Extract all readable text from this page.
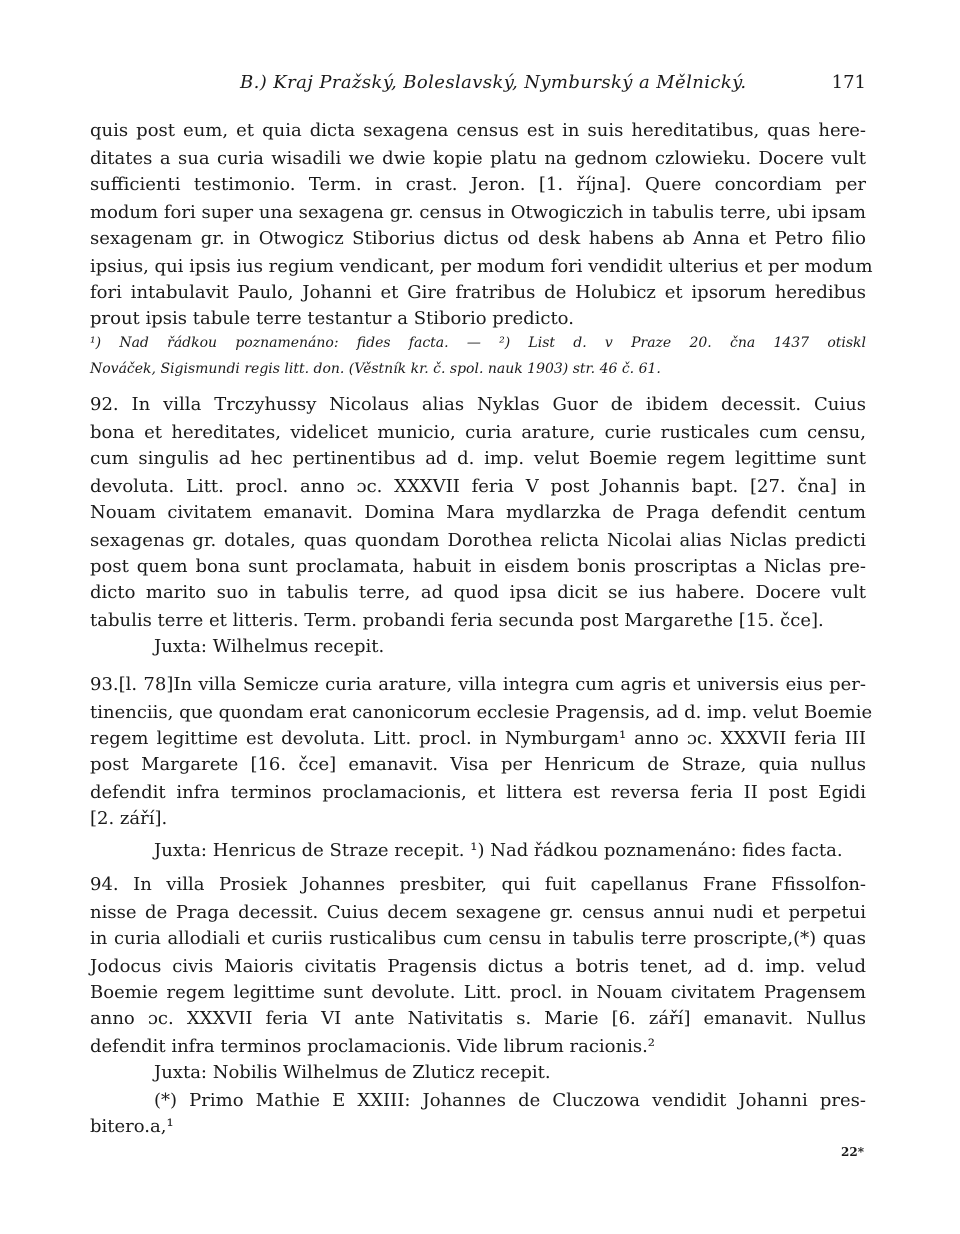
B.) Kraj Pražský, Boleslavský, Nymburský a Mělnický.	171
quis post eum, et quia dicta sexagena census est in suis hereditatibus, quas here-
ditates a sua curia wisadili we dwie kopie platu na gednom czlowieku. Docere vult
sufficienti testimonio. Term. in crast. Jeron. [1. října]. Quere concordiam per
modum fori super una sexagena gr. census in Otwogiczich in tabulis terre, ubi ipsam
sexagenam gr. in Otwogicz Stiborius dictus od desk habens ab Anna et Petro filio
ipsius, qui ipsis ius regium vendicant, per modum fori vendidit ulterius et per modum
fori intabulavit Paulo, Johanni et Gire fratribus de Holubicz et ipsorum heredibus
prout ipsis tabule terre testantur a Stiborio predicto.
¹) Nad řádkou poznamenáno: fides facta. — ²) List d. v Praze 20. čna 1437 otiskl
Nováček, Sigismundi regis litt. don. (Věstník kr. č. spol. nauk 1903) str. 46 č. 61.
92. In villa Trczyhussy Nicolaus alias Nyklas Guor de ibidem decessit. Cuius
bona et hereditates, videlicet municio, curia arature, curie rusticales cum censu,
cum singulis ad hec pertinentibus ad d. imp. velut Boemie regem legittime sunt
devoluta. Litt. procl. anno ɔc. XXXVII feria V post Johannis bapt. [27. čna] in
Nouam civitatem emanavit. Domina Mara mydlarzka de Praga defendit centum
sexagenas gr. dotales, quas quondam Dorothea relicta Nicolai alias Niclas predicti
post quem bona sunt proclamata, habuit in eisdem bonis proscriptas a Niclas pre-
dicto marito suo in tabulis terre, ad quod ipsa dicit se ius habere. Docere vult
tabulis terre et litteris. Term. probandi feria secunda post Margarethe [15. čce].
Juxta: Wilhelmus recepit.
93.[l. 78]In villa Semicze curia arature, villa integra cum agris et universis eius per-
tinenciis, que quondam erat canonicorum ecclesie Pragensis, ad d. imp. velut Boemie
regem legittime est devoluta. Litt. procl. in Nymburgam¹ anno ɔc. XXXVII feria III
post Margarete [16. čce] emanavit. Visa per Henricum de Straze, quia nullus
defendit infra terminos proclamacionis, et littera est reversa feria II post Egidi
[2. září].
Juxta: Henricus de Straze recepit. ¹) Nad řádkou poznamenáno: fides facta.
94. In villa Prosiek Johannes presbiter, qui fuit capellanus Frane Ffissolfon-
nisse de Praga decessit. Cuius decem sexagene gr. census annui nudi et perpetui
in curia allodiali et curiis rusticalibus cum censu in tabulis terre proscripte,(*) quas
Jodocus civis Maioris civitatis Pragensis dictus a botris tenet, ad d. imp. velud
Boemie regem legittime sunt devolute. Litt. procl. in Nouam civitatem Pragensem
anno ɔc. XXXVII feria VI ante Nativitatis s. Marie [6. září] emanavit. Nullus
defendit infra terminos proclamacionis. Vide librum racionis.²
Juxta: Nobilis Wilhelmus de Zluticz recepit.
(*) Primo Mathie E XXIII: Johannes de Cluczowa vendidit Johanni pres-
bitero.a,¹
22*
